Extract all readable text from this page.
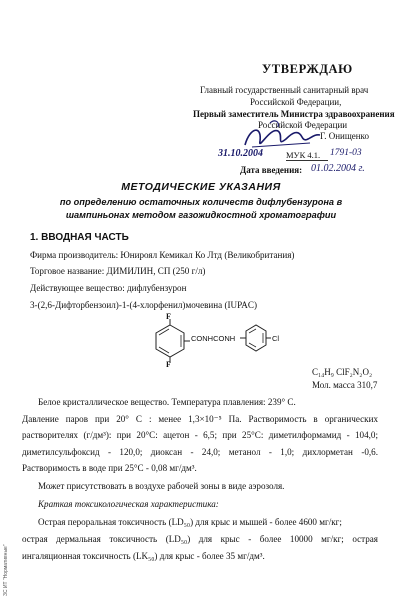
УТВЕРЖДАЮ
Главный государственный санитарный врач
Российской Федерации,
Первый заместитель Министра здравоохранения
Российской Федерации
Г. Онищенко
31.10.2004	МУК 4.1.	1791-03
Дата введения: 01.02.2004 г.
МЕТОДИЧЕСКИЕ УКАЗАНИЯ
по определению остаточных количеств дифлубензурона в
шампиньонах методом газожидкостной хроматографии
1. ВВОДНАЯ ЧАСТЬ
Фирма производитель: Юнироял Кемикал Ко Лтд (Великобритания)
Торговое название: ДИМИЛИН, СП (250 г/л)
Действующее вещество: дифлубензурон
3-(2,6-Дифторбензоил)-1-(4-хлорфенил)мочевина (IUPAC)
F
F
CONHCONH	Cl
C₁₄H₉ ClF₂N₂O₂
Мол. масса 310,7
Белое кристаллическое вещество. Температура плавления: 239° С.
Давление паров при 20° С : менее 1,3×10⁻⁵ Па. Растворимость в органических
растворителях (г/дм³): при 20°С: ацетон - 6,5; при 25°С: диметилформамид - 104,0;
диметилсульфоксид - 120,0; диоксан - 24,0; метанол - 1,0; дихлорметан -0,6.
Растворимость в воде при 25°С - 0,08 мг/дм³.
Может присутствовать в воздухе рабочей зоны в виде аэрозоля.
Краткая токсикологическая характеристика:
Острая пероральная токсичность (LD₅₀) для крыс и мышей - более 4600 мг/кг;
острая дермальная токсичность (LD₅₀) для крыс - более 10000 мг/кг; острая
ингаляционная токсичность (LK₅₀) для крыс - более 35 мг/дм³.
ЗС ИТ “Нормативные”
